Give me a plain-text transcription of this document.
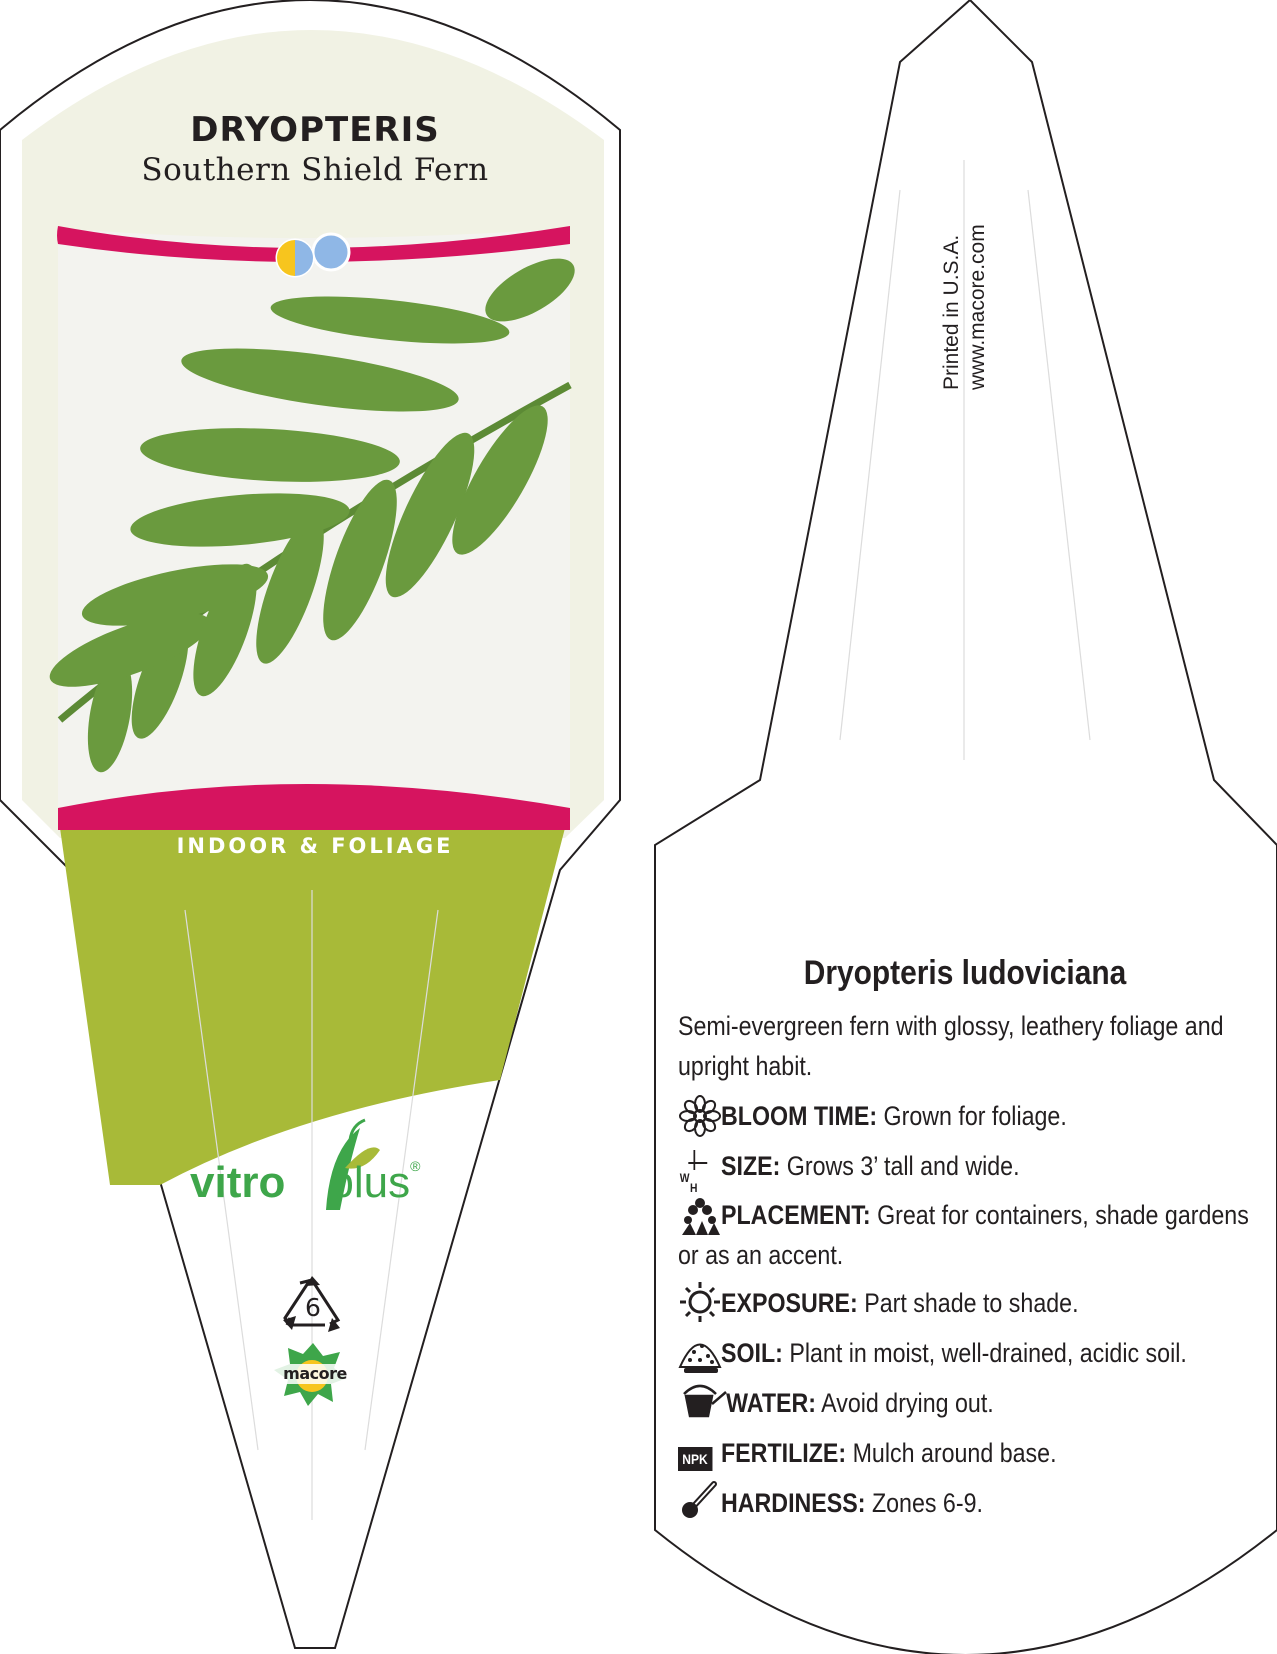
DRYOPTERIS
Southern Shield Fern
INDOOR & FOLIAGE
vitro plus®
6
macore
Printed in U.S.A. www.macore.com
Dryopteris ludoviciana
Semi-evergreen fern with glossy, leathery foliage and upright habit.
BLOOM TIME: Grown for foliage.
W
H
SIZE: Grows 3’ tall and wide.
PLACEMENT: Great for containers, shade gardens or as an accent.
EXPOSURE: Part shade to shade.
SOIL: Plant in moist, well-drained, acidic soil.
WATER: Avoid drying out.
NPK FERTILIZE: Mulch around base.
HARDINESS: Zones 6-9.
